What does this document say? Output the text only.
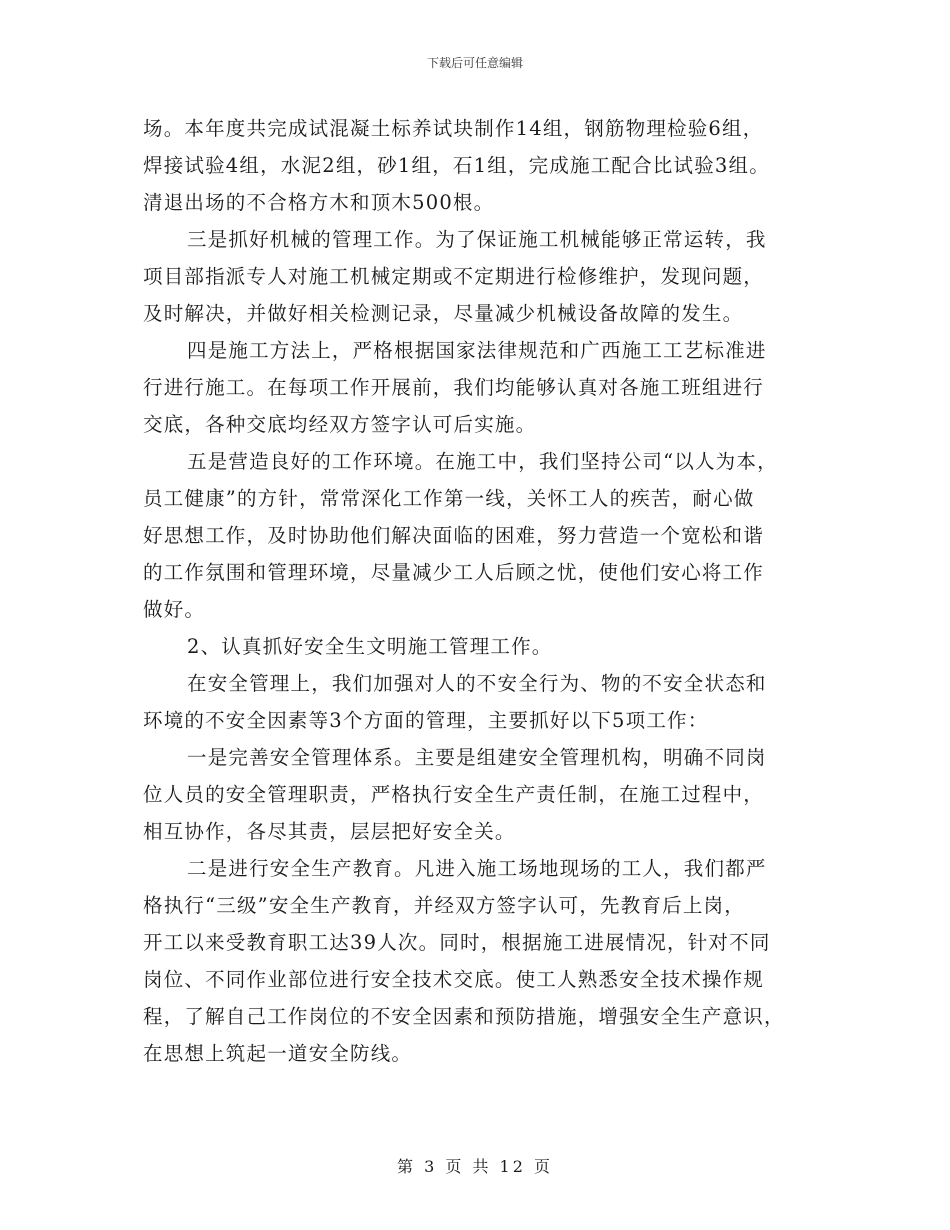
下载后可任意编辑
场。本年度共完成试混凝土标养试块制作14组，钢筋物理检验6组，
焊接试验4组，水泥2组，砂1组，石1组，完成施工配合比试验3组。
清退出场的不合格方木和顶木500根。
三是抓好机械的管理工作。为了保证施工机械能够正常运转，我
项目部指派专人对施工机械定期或不定期进行检修维护，发现问题，
及时解决，并做好相关检测记录，尽量减少机械设备故障的发生。
四是施工方法上，严格根据国家法律规范和广西施工工艺标准进
行进行施工。在每项工作开展前，我们均能够认真对各施工班组进行
交底，各种交底均经双方签字认可后实施。
五是营造良好的工作环境。在施工中，我们坚持公司“以人为本，
员工健康”的方针，常常深化工作第一线，关怀工人的疾苦，耐心做
好思想工作，及时协助他们解决面临的困难，努力营造一个宽松和谐
的工作氛围和管理环境，尽量减少工人后顾之忧，使他们安心将工作
做好。
2、认真抓好安全生文明施工管理工作。
在安全管理上，我们加强对人的不安全行为、物的不安全状态和
环境的不安全因素等3个方面的管理，主要抓好以下5项工作：
一是完善安全管理体系。主要是组建安全管理机构，明确不同岗
位人员的安全管理职责，严格执行安全生产责任制，在施工过程中，
相互协作，各尽其责，层层把好安全关。
二是进行安全生产教育。凡进入施工场地现场的工人，我们都严
格执行“三级”安全生产教育，并经双方签字认可，先教育后上岗，
开工以来受教育职工达39人次。同时，根据施工进展情况，针对不同
岗位、不同作业部位进行安全技术交底。使工人熟悉安全技术操作规
程，了解自己工作岗位的不安全因素和预防措施，增强安全生产意识，
在思想上筑起一道安全防线。
第 3 页 共 12 页
